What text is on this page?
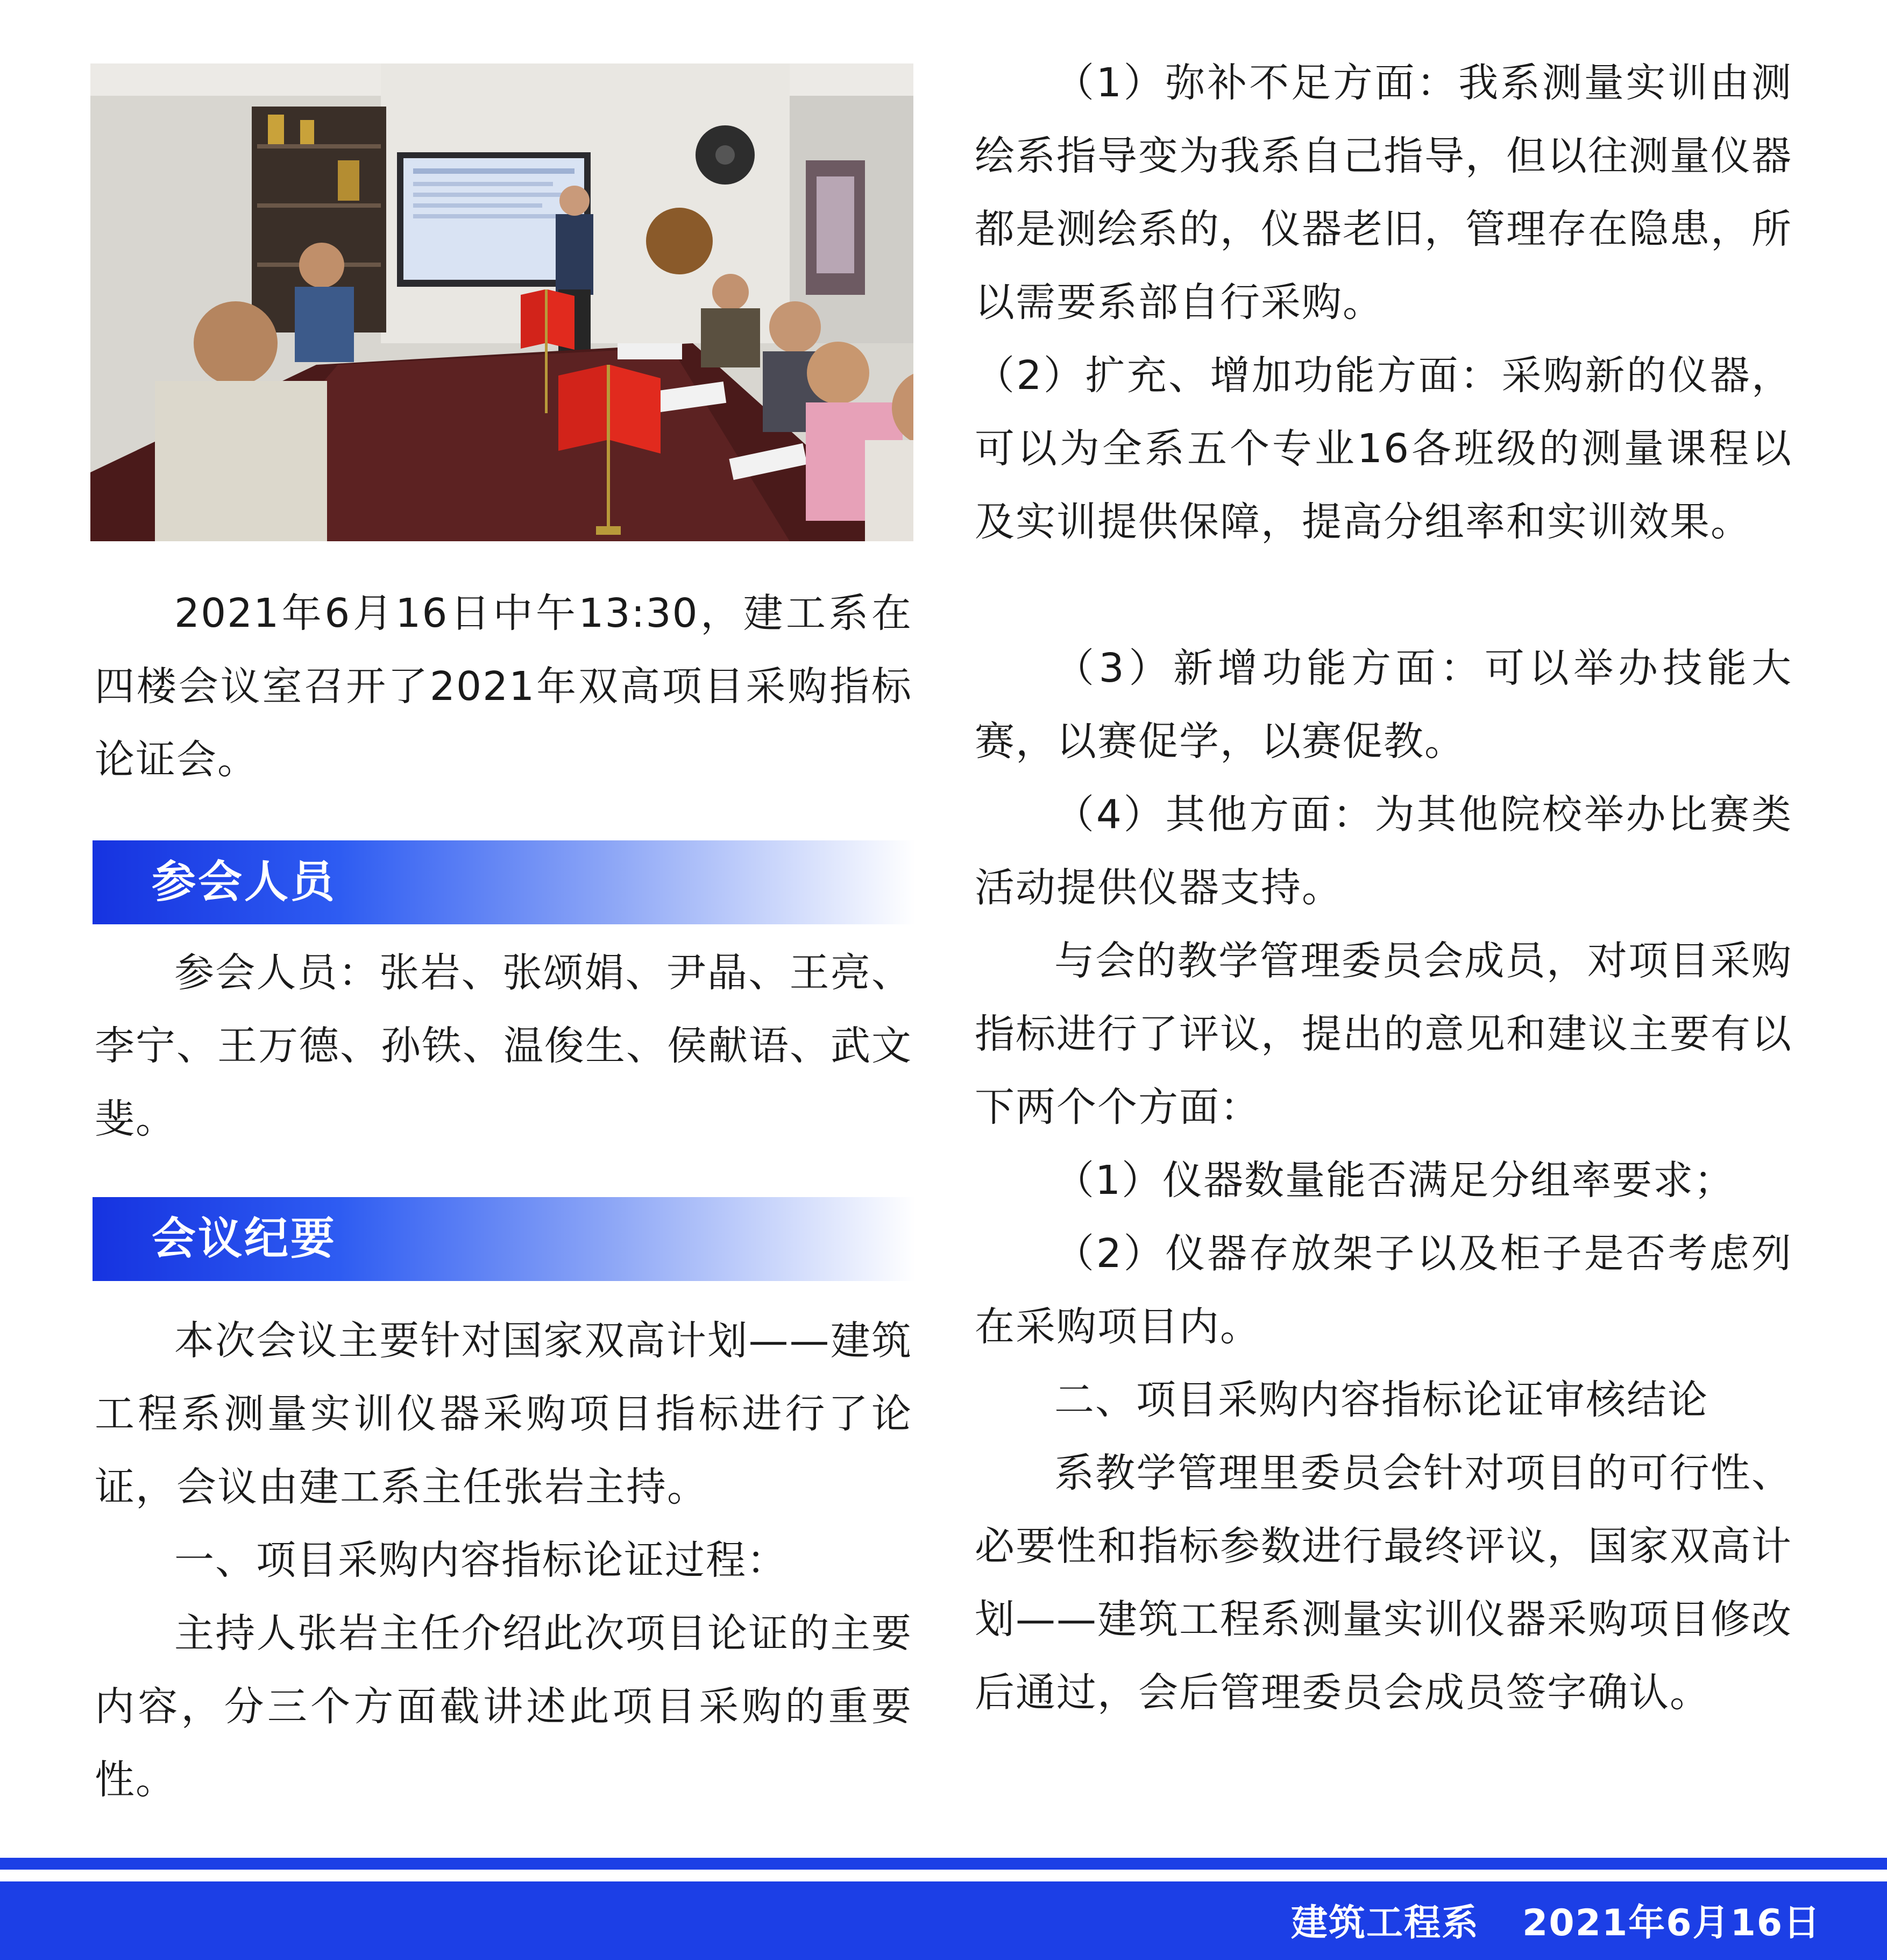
2021年6月16日中午13:30，建工系在四楼会议室召开了2021年双高项目采购指标论证会。

参会人员

参会人员：张岩、张颂娟、尹晶、王亮、李宁、王万德、孙铁、温俊生、侯献语、武文斐。

会议纪要

本次会议主要针对国家双高计划——建筑工程系测量实训仪器采购项目指标进行了论证，会议由建工系主任张岩主持。

一、项目采购内容指标论证过程：

主持人张岩主任介绍此次项目论证的主要内容，分三个方面截讲述此项目采购的重要性。

（1）弥补不足方面：我系测量实训由测绘系指导变为我系自己指导，但以往测量仪器都是测绘系的，仪器老旧，管理存在隐患，所以需要系部自行采购。

（2）扩充、增加功能方面：采购新的仪器，可以为全系五个专业16各班级的测量课程以及实训提供保障，提高分组率和实训效果。

（3）新增功能方面：可以举办技能大赛，以赛促学，以赛促教。

（4）其他方面：为其他院校举办比赛类活动提供仪器支持。

与会的教学管理委员会成员，对项目采购指标进行了评议，提出的意见和建议主要有以下两个个方面：

（1）仪器数量能否满足分组率要求；

（2）仪器存放架子以及柜子是否考虑列在采购项目内。

二、项目采购内容指标论证审核结论

系教学管理里委员会针对项目的可行性、必要性和指标参数进行最终评议，国家双高计划——建筑工程系测量实训仪器采购项目修改后通过，会后管理委员会成员签字确认。

建筑工程系 2021年6月16日
